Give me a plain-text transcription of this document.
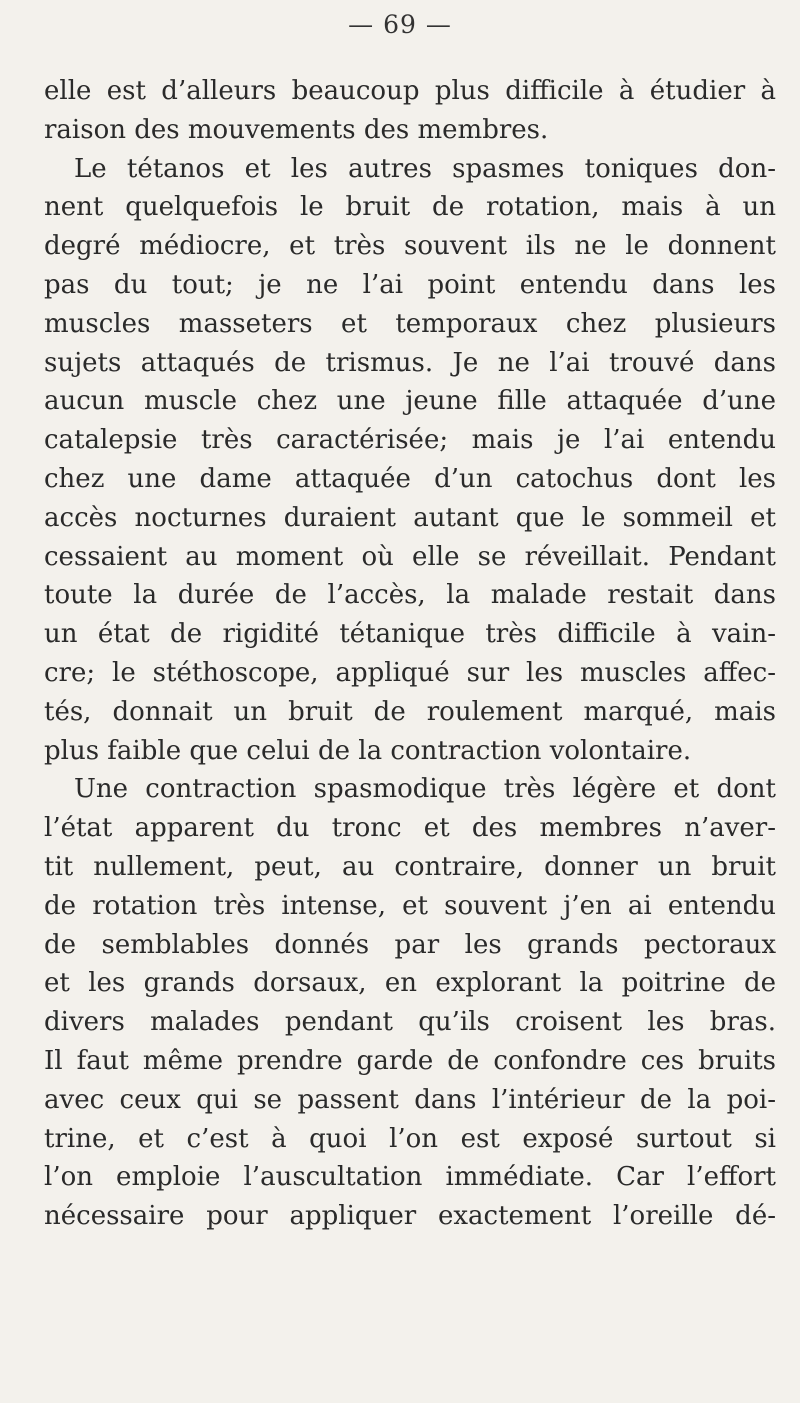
— 69 —
elle est d’alleurs beaucoup plus difficile à étudier à
raison des mouvements des membres.
Le tétanos et les autres spasmes toniques don-
nent quelquefois le bruit de rotation, mais à un
degré médiocre, et très souvent ils ne le donnent
pas du tout; je ne l’ai point entendu dans les
muscles masseters et temporaux chez plusieurs
sujets attaqués de trismus. Je ne l’ai trouvé dans
aucun muscle chez une jeune fille attaquée d’une
catalepsie très caractérisée; mais je l’ai entendu
chez une dame attaquée d’un catochus dont les
accès nocturnes duraient autant que le sommeil et
cessaient au moment où elle se réveillait. Pendant
toute la durée de l’accès, la malade restait dans
un état de rigidité tétanique très difficile à vain-
cre; le stéthoscope, appliqué sur les muscles affec-
tés, donnait un bruit de roulement marqué, mais
plus faible que celui de la contraction volontaire.
Une contraction spasmodique très légère et dont
l’état apparent du tronc et des membres n’aver-
tit nullement, peut, au contraire, donner un bruit
de rotation très intense, et souvent j’en ai entendu
de semblables donnés par les grands pectoraux
et les grands dorsaux, en explorant la poitrine de
divers malades pendant qu’ils croisent les bras.
Il faut même prendre garde de confondre ces bruits
avec ceux qui se passent dans l’intérieur de la poi-
trine, et c’est à quoi l’on est exposé surtout si
l’on emploie l’auscultation immédiate. Car l’effort
nécessaire pour appliquer exactement l’oreille dé-
